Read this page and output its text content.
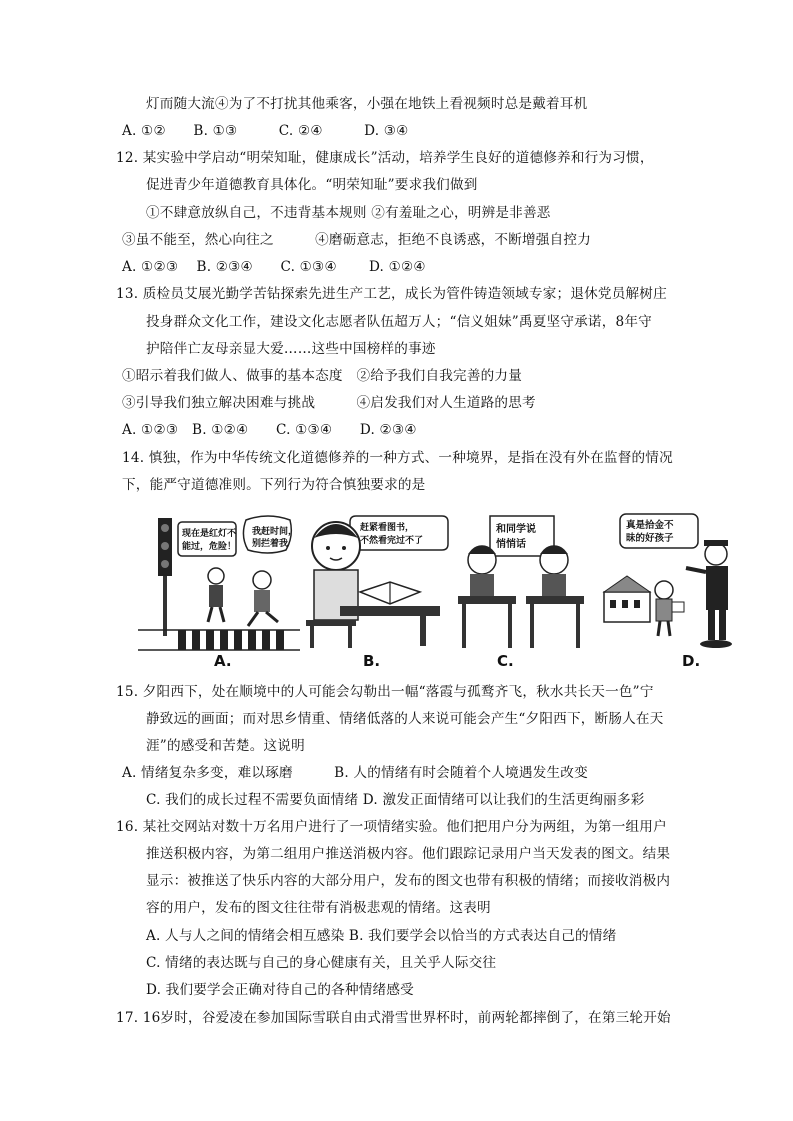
灯而随大流④为了不打扰其他乘客，小强在地铁上看视频时总是戴着耳机
A. ①②　　B. ①③　　　C. ②④　　　D. ③④
12. 某实验中学启动“明荣知耻，健康成长”活动，培养学生良好的道德修养和行为习惯，
促进青少年道德教育具体化。“明荣知耻”要求我们做到
①不肆意放纵自己，不违背基本规则 ②有羞耻之心，明辨是非善恶
③虽不能至，然心向往之　　　④磨砺意志，拒绝不良诱惑，不断增强自控力
A. ①②③　 B. ②③④　　C. ①③④　　 D. ①②④
13. 质检员艾展光勤学苦钻探索先进生产工艺，成长为管件铸造领域专家；退休党员解树庄
投身群众文化工作，建设文化志愿者队伍超万人；“信义姐妹”禹夏坚守承诺，8年守
护陪伴亡友母亲显大爱……这些中国榜样的事迹
①昭示着我们做人、做事的基本态度　②给予我们自我完善的力量
③引导我们独立解决困难与挑战　　　④启发我们对人生道路的思考
A. ①②③　B. ①②④　　C. ①③④　　D. ②③④
14. 慎独，作为中华传统文化道德修养的一种方式、一种境界，是指在没有外在监督的情况
下，能严守道德准则。下列行为符合慎独要求的是
现在是红灯不
能过，危险！
我赶时间，
别拦着我
A.
赶紧看图书，
不然看完过不了
B.
和同学说
悄悄话
C.
真是拾金不
昧的好孩子
D.
15. 夕阳西下，处在顺境中的人可能会勾勒出一幅“落霞与孤鹜齐飞，秋水共长天一色”宁
静致远的画面；而对思乡情重、情绪低落的人来说可能会产生“夕阳西下，断肠人在天
涯”的感受和苦楚。这说明
A. 情绪复杂多变，难以琢磨　　　B. 人的情绪有时会随着个人境遇发生改变
C. 我们的成长过程不需要负面情绪 D. 激发正面情绪可以让我们的生活更绚丽多彩
16. 某社交网站对数十万名用户进行了一项情绪实验。他们把用户分为两组，为第一组用户
推送积极内容，为第二组用户推送消极内容。他们跟踪记录用户当天发表的图文。结果
显示：被推送了快乐内容的大部分用户，发布的图文也带有积极的情绪；而接收消极内
容的用户，发布的图文往往带有消极悲观的情绪。这表明
A. 人与人之间的情绪会相互感染 B. 我们要学会以恰当的方式表达自己的情绪
C. 情绪的表达既与自己的身心健康有关，且关乎人际交往
D. 我们要学会正确对待自己的各种情绪感受
17. 16岁时，谷爱凌在参加国际雪联自由式滑雪世界杯时，前两轮都摔倒了，在第三轮开始
